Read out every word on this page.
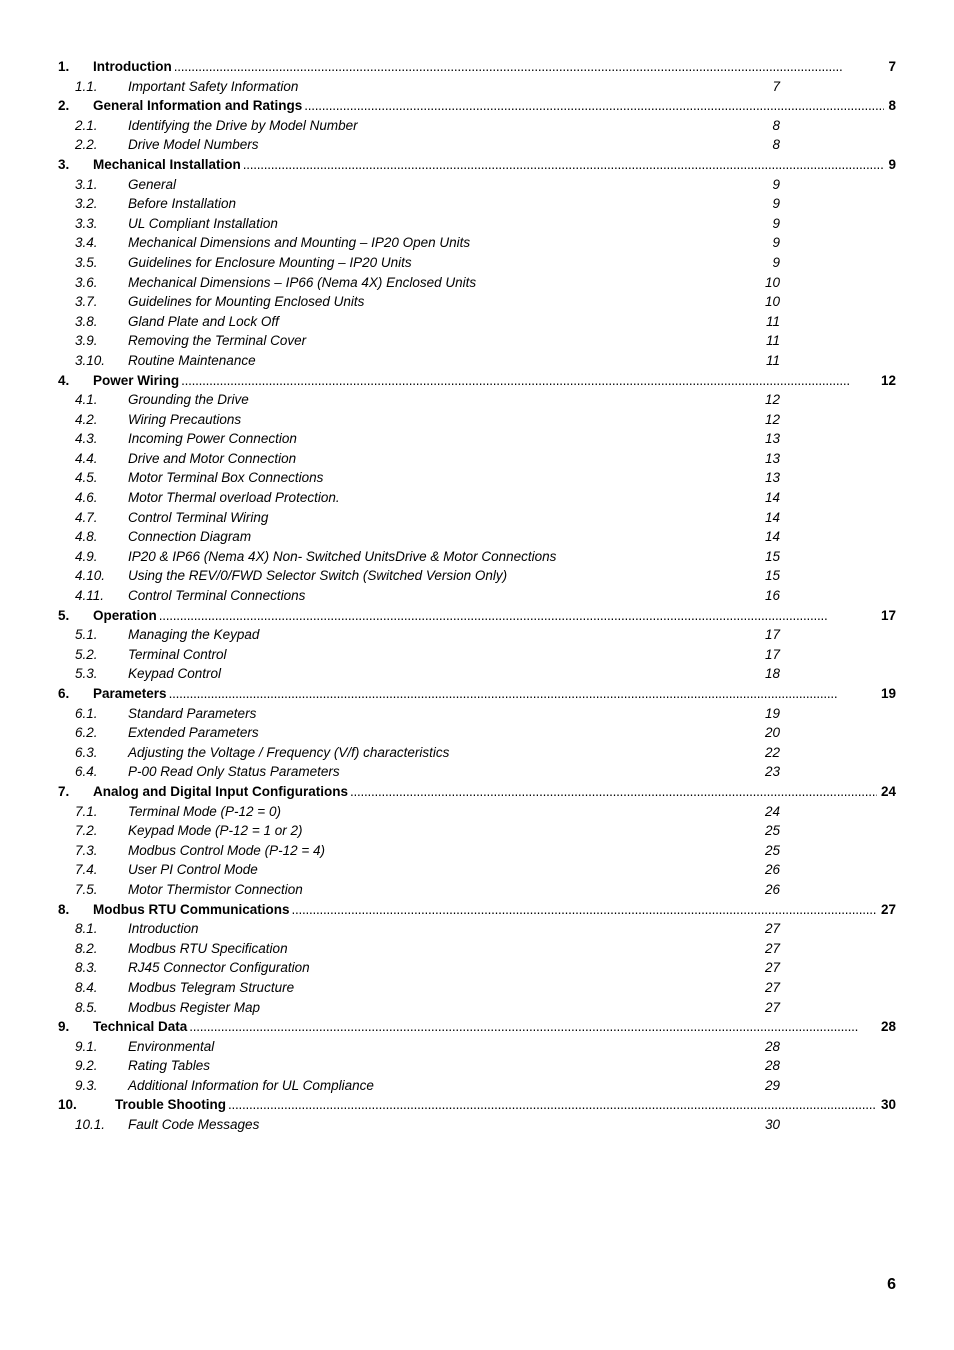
1.	Introduction . . .	7
1.1. Important Safety Information	7
2.	General Information and Ratings . . .	8
2.1. Identifying the Drive by Model Number	8
2.2. Drive Model Numbers	8
3.	Mechanical Installation . . .	9
3.1. General	9
3.2. Before Installation	9
3.3. UL Compliant Installation	9
3.4. Mechanical Dimensions and Mounting – IP20 Open Units	9
3.5. Guidelines for Enclosure Mounting – IP20 Units	9
3.6. Mechanical Dimensions – IP66 (Nema 4X) Enclosed Units	10
3.7. Guidelines for Mounting Enclosed Units	10
3.8. Gland Plate and Lock Off	11
3.9. Removing the Terminal Cover	11
3.10. Routine Maintenance	11
4.	Power Wiring . . .	12
4.1. Grounding the Drive	12
4.2. Wiring Precautions	12
4.3. Incoming Power Connection	13
4.4. Drive and Motor Connection	13
4.5. Motor Terminal Box Connections	13
4.6. Motor Thermal overload Protection.	14
4.7. Control Terminal Wiring	14
4.8. Connection Diagram	14
4.9. IP20 & IP66 (Nema 4X) Non- Switched UnitsDrive & Motor Connections	15
4.10. Using the REV/0/FWD Selector Switch (Switched Version Only)	15
4.11. Control Terminal Connections	16
5.	Operation . . .	17
5.1. Managing the Keypad	17
5.2. Terminal Control	17
5.3. Keypad Control	18
6.	Parameters . . .	19
6.1. Standard Parameters	19
6.2. Extended Parameters	20
6.3. Adjusting the Voltage / Frequency (V/f) characteristics	22
6.4. P-00 Read Only Status Parameters	23
7.	Analog and Digital Input Configurations . . .	24
7.1. Terminal Mode (P-12 = 0)	24
7.2. Keypad Mode (P-12 = 1 or 2)	25
7.3. Modbus Control Mode (P-12 = 4)	25
7.4. User PI Control Mode	26
7.5. Motor Thermistor Connection	26
8.	Modbus RTU Communications . . .	27
8.1. Introduction	27
8.2. Modbus RTU Specification	27
8.3. RJ45 Connector Configuration	27
8.4. Modbus Telegram Structure	27
8.5. Modbus Register Map	27
9.	Technical Data . . .	28
9.1. Environmental	28
9.2. Rating Tables	28
9.3. Additional Information for UL Compliance	29
10.	Trouble Shooting . . .	30
10.1. Fault Code Messages	30
6
